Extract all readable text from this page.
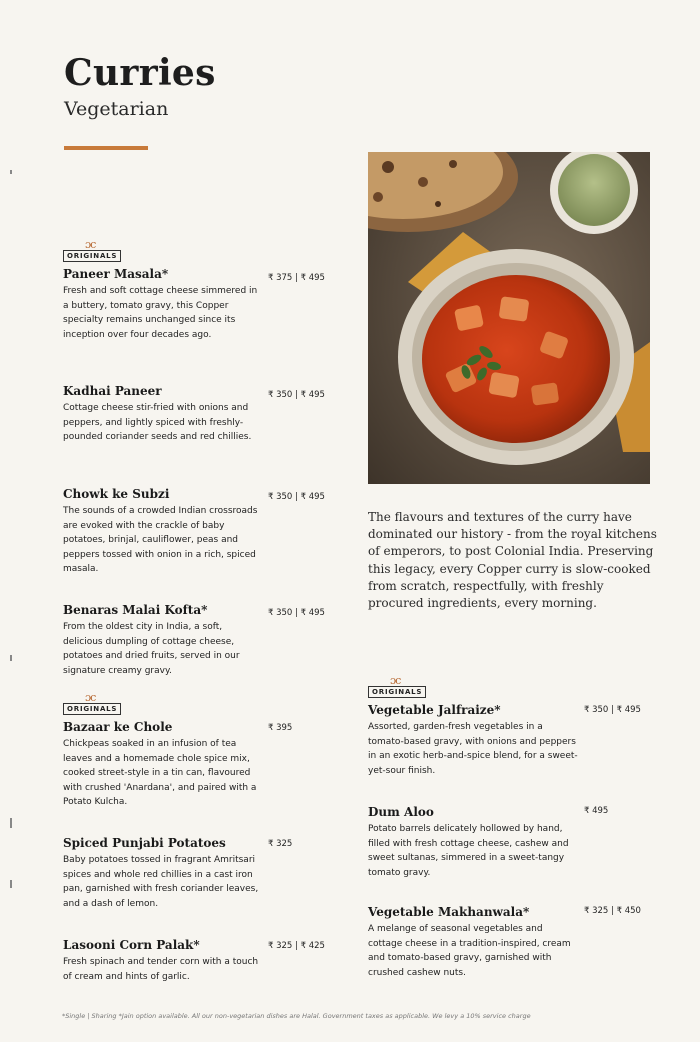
Curries
Vegetarian
ɔc
ORIGINALS
Paneer Masala*
Fresh and soft cottage cheese simmered in a buttery, tomato gravy, this Copper specialty remains unchanged since its inception over four decades ago.
₹ 375 | ₹ 495
Kadhai Paneer
Cottage cheese stir-fried with onions and peppers, and lightly spiced with freshly-pounded coriander seeds and red chillies.
₹ 350 | ₹ 495
Chowk ke Subzi
The sounds of a crowded Indian crossroads are evoked with the crackle of baby potatoes, brinjal, cauliflower, peas and peppers tossed with onion in a rich, spiced masala.
₹ 350 | ₹ 495
Benaras Malai Kofta*
From the oldest city in India, a soft, delicious dumpling of cottage cheese, potatoes and dried fruits, served in our signature creamy gravy.
₹ 350 | ₹ 495
ɔc
ORIGINALS
Bazaar ke Chole
Chickpeas soaked in an infusion of tea leaves and a homemade chole spice mix, cooked street-style in a tin can, flavoured with crushed 'Anardana', and paired with a Potato Kulcha.
₹ 395
Spiced Punjabi Potatoes
Baby potatoes tossed in fragrant Amritsari spices and whole red chillies in a cast iron pan, garnished with fresh coriander leaves, and a dash of lemon.
₹ 325
Lasooni Corn Palak*
Fresh spinach and tender corn with a touch of cream and hints of garlic.
₹ 325 | ₹ 425
The flavours and textures of the curry have dominated our history - from the royal kitchens of emperors, to post Colonial India. Preserving this legacy, every Copper curry is slow-cooked from scratch, respectfully, with freshly procured ingredients, every morning.
ɔc
ORIGINALS
Vegetable Jalfraize*
Assorted, garden-fresh vegetables in a tomato-based gravy, with onions and peppers in an exotic herb-and-spice blend, for a sweet-yet-sour finish.
₹ 350 | ₹ 495
Dum Aloo
Potato barrels delicately hollowed by hand, filled with fresh cottage cheese, cashew and sweet sultanas, simmered in a sweet-tangy tomato gravy.
₹ 495
Vegetable Makhanwala*
A melange of seasonal vegetables and cottage cheese in a tradition-inspired, cream and tomato-based gravy, garnished with crushed cashew nuts.
₹ 325 | ₹ 450
*Single | Sharing *Jain option available. All our non-vegetarian dishes are Halal. Government taxes as applicable. We levy a 10% service charge
